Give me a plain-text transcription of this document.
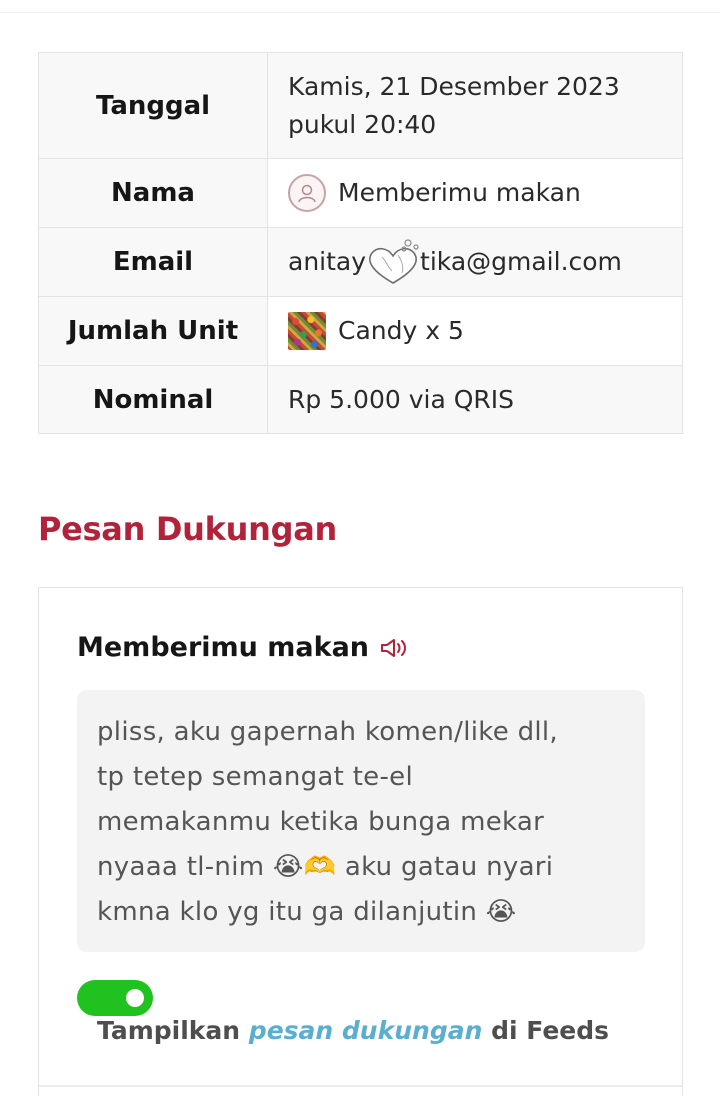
Tanggal	Kamis, 21 Desember 2023
pukul 20:40

Nama	Memberimu makan

Email	anitay tika@gmail.com
Jumlah Unit	Candy x 5

Nominal	Rp 5.000 via QRIS
Pesan Dukungan
Memberimu makan
pliss, aku gapernah komen/like dll,
tp tetep semangat te-el
memakanmu ketika bunga mekar
nyaaa tl-nim 😭🫶 aku gatau nyari
kmna klo yg itu ga dilanjutin 😭
Tampilkan pesan dukungan di Feeds
